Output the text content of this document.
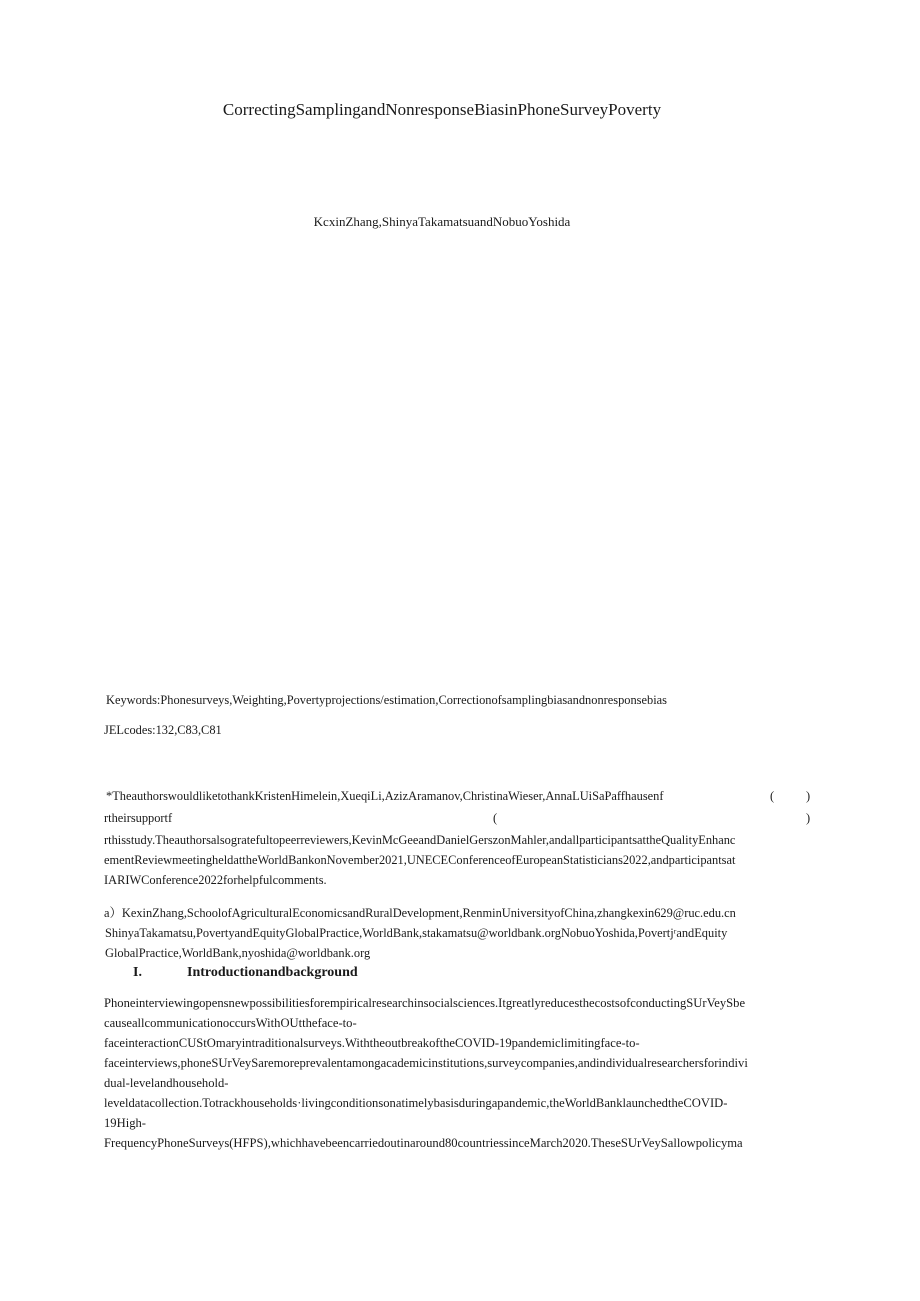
CorrectingSamplingandNonresponseBiasinPhoneSurveyPoverty
KcxinZhang,ShinyaTakamatsuandNobuoYoshida
Keywords:Phonesurveys,Weighting,Povertyprojections/estimation,Correctionofsamplingbiasandnonresponsebias
JELcodes:132,C83,C81
*TheauthorswouldliketothankKristenHimelein,XueqiLi,AzizAramanov,ChristinaWieser,AnnaLUiSaPaffhausenf	(	)
rtheirsupportf	(	)
rthisstudy.Theauthorsalsogratefultopeerreviewers,KevinMcGeeandDanielGerszonMahler,andallparticipantsattheQualityEnhanc
ementReviewmeetingheldattheWorldBankonNovember2021,UNECEConferenceofEuropeanStatisticians2022,andparticipantsat
IARIWConference2022forhelpfulcomments.
a）KexinZhang,SchoolofAgriculturalEconomicsandRuralDevelopment,RenminUniversityofChina,zhangkexin629@ruc.edu.cn
ShinyaTakamatsu,PovertyandEquityGlobalPractice,WorldBank,stakamatsu@worldbank.orgNobuoYoshida,PovertjʳandEquity
GlobalPractice,WorldBank,nyoshida@worldbank.org
I.	Introductionandbackground
Phoneinterviewingopensnewpossibilitiesforempiricalresearchinsocialsciences.ItgreatlyreducesthecostsofconductingSUrVeySbe
causeallcommunicationoccursWithOUttheface-to-
faceinteractionCUStOmaryintraditionalsurveys.WiththeoutbreakoftheCOVID-19pandemiclimitingface-to-
faceinterviews,phoneSUrVeySaremoreprevalentamongacademicinstitutions,surveycompanies,andindividualresearchersforindivi
dual-levelandhousehold-
leveldatacollection.Totrackhouseholds·livingconditionsonatimelybasisduringapandemic,theWorldBanklaunchedtheCOVID-
19High-
FrequencyPhoneSurveys(HFPS),whichhavebeencarriedoutinaround80countriessinceMarch2020.TheseSUrVeySallowpolicyma
